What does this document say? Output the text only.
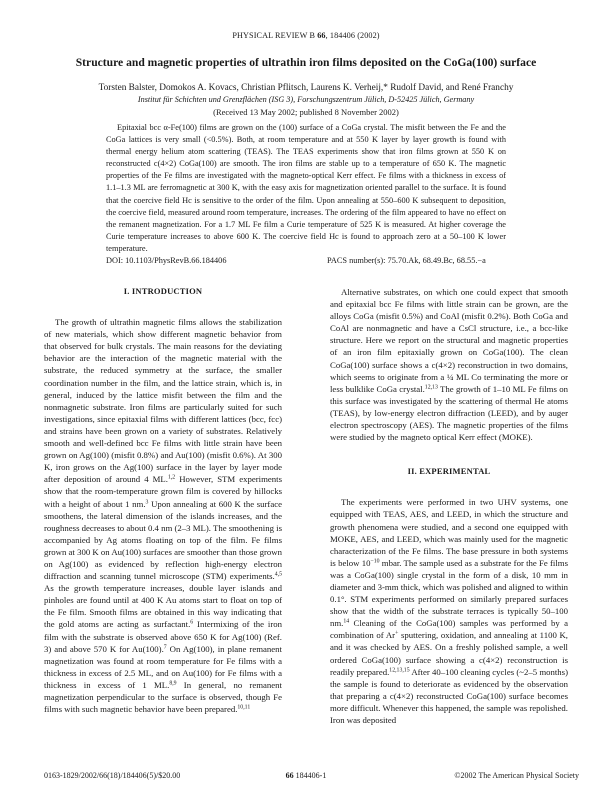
PHYSICAL REVIEW B 66, 184406 (2002)
Structure and magnetic properties of ultrathin iron films deposited on the CoGa(100) surface
Torsten Balster, Domokos A. Kovacs, Christian Pflitsch, Laurens K. Verheij,* Rudolf David, and René Franchy
Institut für Schichten und Grenzflächen (ISG 3), Forschungszentrum Jülich, D-52425 Jülich, Germany
(Received 13 May 2002; published 8 November 2002)
Epitaxial bcc α-Fe(100) films are grown on the (100) surface of a CoGa crystal. The misfit between the Fe and the CoGa lattices is very small (<0.5%). Both, at room temperature and at 550 K layer by layer growth is found with thermal energy helium atom scattering (TEAS). The TEAS experiments show that iron films grown at 550 K on reconstructed c(4×2) CoGa(100) are smooth. The iron films are stable up to a temperature of 650 K. The magnetic properties of the Fe films are investigated with the magneto-optical Kerr effect. Fe films with a thickness in excess of 1.1–1.3 ML are ferromagnetic at 300 K, with the easy axis for magnetization oriented parallel to the surface. It is found that the coercive field Hc is sensitive to the order of the film. Upon annealing at 550–600 K subsequent to deposition, the coercive field, measured around room temperature, increases. The ordering of the film appeared to have no effect on the remanent magnetization. For a 1.7 ML Fe film a Curie temperature of 525 K is measured. At higher coverage the Curie temperature increases to above 600 K. The coercive field Hc is found to approach zero at a 50–100 K lower temperature.
DOI: 10.1103/PhysRevB.66.184406	PACS number(s): 75.70.Ak, 68.49.Bc, 68.55.−a
I. INTRODUCTION

The growth of ultrathin magnetic films allows the stabilization of new materials, which show different magnetic behavior from that observed for bulk crystals. The main reasons for the deviating behavior are the interaction of the magnetic material with the substrate, the reduced symmetry at the surface, the smaller coordination number in the film, and the lattice strain, which is, in general, induced by the lattice misfit between the film and the nonmagnetic substrate. Iron films are particularly suited for such investigations, since epitaxial films with different lattices (bcc, fcc) and strains have been grown on a variety of substrates. Relatively smooth and well-defined bcc Fe films with little strain have been grown on Ag(100) (misfit 0.8%) and Au(100) (misfit 0.6%). At 300 K, iron grows on the Ag(100) surface in the layer by layer mode after deposition of around 4 ML.$^{1,2}$ However, STM experiments show that the room-temperature grown film is covered by hillocks with a height of about 1 nm.$^3$ Upon annealing at 600 K the surface smoothens, the lateral dimension of the islands increases, and the roughness decreases to about 0.4 nm (2–3 ML). The smoothening is accompanied by Ag atoms floating on top of the film. Fe films grown at 300 K on Au(100) surfaces are smoother than those grown on Ag(100) as evidenced by reflection high-energy electron diffraction and scanning tunnel microscope (STM) experiments.$^{4,5}$ As the growth temperature increases, double layer islands and pinholes are found until at 400 K Au atoms start to float on top of the Fe film. Smooth films are obtained in this way indicating that the gold atoms are acting as surfactant.$^6$ Intermixing of the iron film with the substrate is observed above 650 K for Ag(100) (Ref. 3) and above 570 K for Au(100).$^7$ On Ag(100), in plane remanent magnetization was found at room temperature for Fe films with a thickness in excess of 2.5 ML, and on Au(100) for Fe films with a thickness in excess of 1 ML.$^{8,9}$ In general, no remanent magnetization perpendicular to the surface is observed, though Fe films with such magnetic behavior have been prepared.$^{10,11}$

Alternative substrates, on which one could expect that smooth and epitaxial bcc Fe films with little strain can be grown, are the alloys CoGa (misfit 0.5%) and CoAl (misfit 0.2%). Both CoGa and CoAl are nonmagnetic and have a CsCl structure, i.e., a bcc-like structure. Here we report on the structural and magnetic properties of an iron film epitaxially grown on CoGa(100). The clean CoGa(100) surface shows a c(4×2) reconstruction in two domains, which seems to originate from a ¼ ML Co terminating the more or less bulklike CoGa crystal.$^{12,13}$ The growth of 1–10 ML Fe films on this surface was investigated by the scattering of thermal He atoms (TEAS), by low-energy electron diffraction (LEED), and by auger electron spectroscopy (AES). The magnetic properties of the films were studied by the magneto optical Kerr effect (MOKE).

II. EXPERIMENTAL

The experiments were performed in two UHV systems, one equipped with TEAS, AES, and LEED, in which the structure and growth phenomena were studied, and a second one equipped with MOKE, AES, and LEED, which was mainly used for the magnetic characterization of the Fe films. The base pressure in both systems is below $10^{-10}$ mbar. The sample used as a substrate for the Fe films was a CoGa(100) single crystal in the form of a disk, 10 mm in diameter and 3-mm thick, which was polished and aligned to within 0.1°. STM experiments performed on similarly prepared surfaces show that the width of the substrate terraces is typically 50–100 nm.$^{14}$ Cleaning of the CoGa(100) samples was performed by a combination of Ar+ sputtering, oxidation, and annealing at 1100 K, and it was checked by AES. On a freshly polished sample, a well ordered CoGa(100) surface showing a c(4×2) reconstruction is readily prepared.$^{12,13,15}$ After 40–100 cleaning cycles (~2–5 months) the sample is found to deteriorate as evidenced by the observation that preparing a c(4×2) reconstructed CoGa(100) surface becomes more difficult. Whenever this happened, the sample was repolished. Iron was deposited

0163-1829/2002/66(18)/184406(5)/$20.00	66 184406-1	©2002 The American Physical Society
